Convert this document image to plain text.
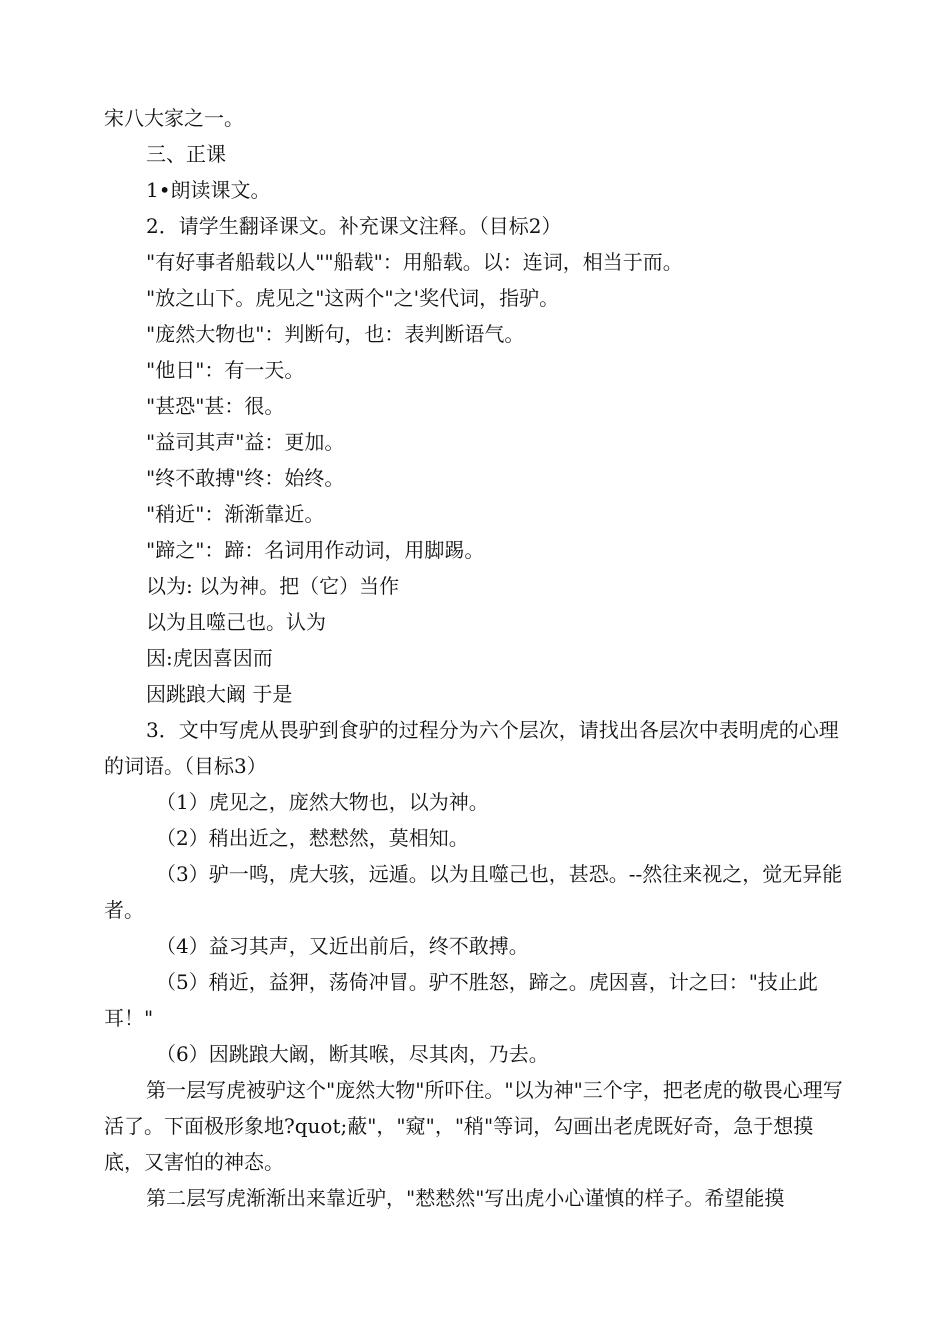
宋八大家之一。

三、正课

1•朗读课文。

2．请学生翻译课文。补充课文注释。（目标2）

"有好事者船载以人""船载"：用船载。以：连词，相当于而。

"放之山下。虎见之"这两个"之'奖代词，指驴。

"庞然大物也"：判断句，也：表判断语气。

"他日"：有一天。

"甚恐"甚：很。

"益司其声"益：更加。

"终不敢搏"终：始终。

"稍近"：渐渐靠近。

"蹄之"：蹄：名词用作动词，用脚踢。

以为: 以为神。把（它）当作

以为且噬己也。认为

因:虎因喜因而

因跳踉大阚 于是

3．文中写虎从畏驴到食驴的过程分为六个层次，请找出各层次中表明虎的心理的词语。（目标3）

（1）虎见之，庞然大物也，以为神。

（2）稍出近之，慭慭然，莫相知。

（3）驴一鸣，虎大骇，远遁。以为且噬己也，甚恐。--然往来视之，觉无异能者。

（4）益习其声，又近出前后，终不敢搏。

（5）稍近，益狎，荡倚冲冒。驴不胜怒，蹄之。虎因喜，计之曰："技止此耳！"

（6）因跳踉大阚，断其喉，尽其肉，乃去。

第一层写虎被驴这个"庞然大物"所吓住。"以为神"三个字，把老虎的敬畏心理写活了。下面极形象地?quot;蔽"，"窥"，"稍"等词，勾画出老虎既好奇，急于想摸底，又害怕的神态。

第二层写虎渐渐出来靠近驴，"慭慭然"写出虎小心谨慎的样子。希望能摸
